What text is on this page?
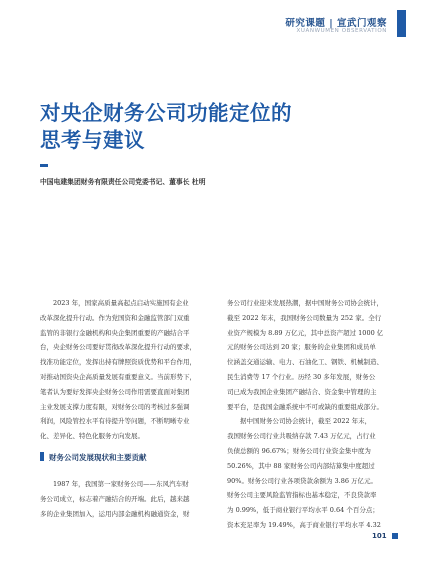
研究课题 | 宣武门观察
XUANWUMEN OBSERVATION
对央企财务公司功能定位的
思考与建议
中国电建集团财务有限责任公司党委书记、董事长 杜明
2023 年，国家高质量高起点启动实施国有企业
改革深化提升行动。作为党国资和金融监管部门双重
监管的非银行金融机构和央企集团重要的产融结合平
台，央企财务公司要好贯彻改革深化提升行动的要求，
找准功能定位，发挥出持有牌照资质优势和平台作用，
对推动国资央企高质量发展有重要意义。当前形势下，
笔者认为要好发挥央企财务公司作用需要直面对集团
主业发展支撑力度有限，对财务公司的考核过多强调
利润，风险管控水平有待提升等问题，不断明晰专业
化、差异化、特色化服务方向发展。
财务公司发展现状和主要贡献
1987 年，我国第一家财务公司——东风汽车财
务公司成立，标志着产融结合的开端。此后，越来越
多的企业集团加入，运用内部金融机构融通资金，财
务公司行业迎来发展热潮，据中国财务公司协会统计，
截至 2022 年末，我国财务公司数量为 252 家。全行
业资产规模为 8.89 万亿元，其中总资产超过 1000 亿
元的财务公司达到 20 家；服务的企业集团和成员单
位涵盖交通运输、电力、石油化工、钢铁、机械制造、
民生消费等 17 个行业。历经 30 多年发展，财务公
司已成为我国企业集团产融结合、资金集中管理的主
要平台，是我国金融系统中不可或缺的重要组成部分。
据中国财务公司协会统计，截至 2022 年末，
我国财务公司行业共吸纳存款 7.43 万亿元，占行业
负债总额的 96.67%；财务公司行业资金集中度为
50.26%，其中 88 家财务公司内部结算集中度超过
90%。财务公司行业各项贷款余额为 3.86 万亿元。
财务公司主要风险监管指标也基本稳定，不良贷款率
为 0.99%，低于商业银行平均水平 0.64 个百分点；
资本充足率为 19.49%，高于商业银行平均水平 4.32
101
